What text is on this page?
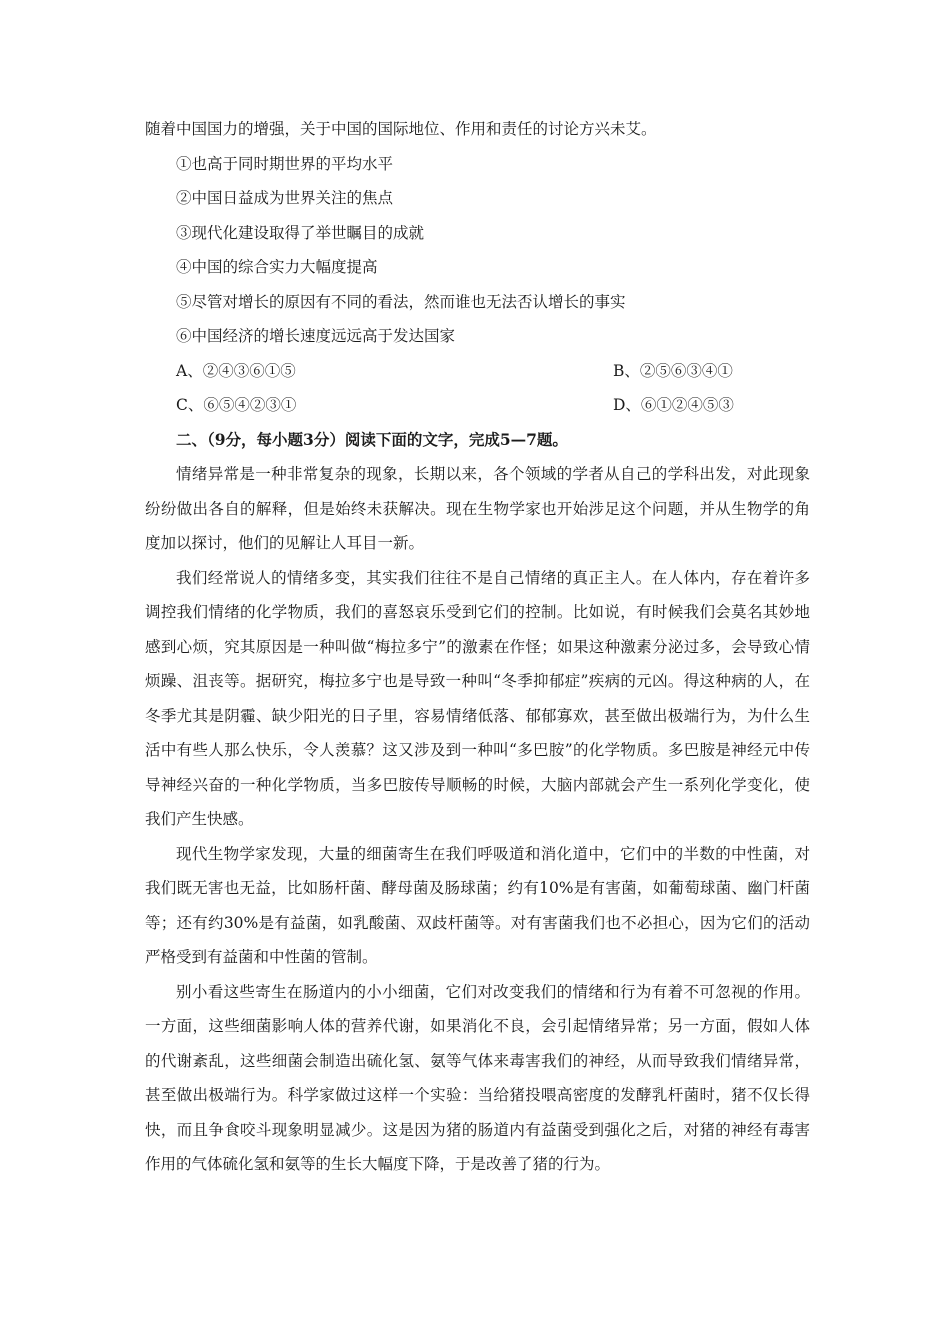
随着中国国力的增强，关于中国的国际地位、作用和责任的讨论方兴未艾。
①也高于同时期世界的平均水平
②中国日益成为世界关注的焦点
③现代化建设取得了举世瞩目的成就
④中国的综合实力大幅度提高
⑤尽管对增长的原因有不同的看法，然而谁也无法否认增长的事实
⑥中国经济的增长速度远远高于发达国家
A、②④③⑥①⑤	B、②⑤⑥③④①
C、⑥⑤④②③①	D、⑥①②④⑤③
二、（9分，每小题3分）阅读下面的文字，完成5—7题。

情绪异常是一种非常复杂的现象，长期以来，各个领域的学者从自己的学科出发，对此现象纷纷做出各自的解释，但是始终未获解决。现在生物学家也开始涉足这个问题，并从生物学的角度加以探讨，他们的见解让人耳目一新。

我们经常说人的情绪多变，其实我们往往不是自己情绪的真正主人。在人体内，存在着许多调控我们情绪的化学物质，我们的喜怒哀乐受到它们的控制。比如说，有时候我们会莫名其妙地感到心烦，究其原因是一种叫做“梅拉多宁”的激素在作怪；如果这种激素分泌过多，会导致心情烦躁、沮丧等。据研究，梅拉多宁也是导致一种叫“冬季抑郁症”疾病的元凶。得这种病的人，在冬季尤其是阴霾、缺少阳光的日子里，容易情绪低落、郁郁寡欢，甚至做出极端行为，为什么生活中有些人那么快乐，令人羡慕？这又涉及到一种叫“多巴胺”的化学物质。多巴胺是神经元中传导神经兴奋的一种化学物质，当多巴胺传导顺畅的时候，大脑内部就会产生一系列化学变化，使我们产生快感。

现代生物学家发现，大量的细菌寄生在我们呼吸道和消化道中，它们中的半数的中性菌，对我们既无害也无益，比如肠杆菌、酵母菌及肠球菌；约有10%是有害菌，如葡萄球菌、幽门杆菌等；还有约30%是有益菌，如乳酸菌、双歧杆菌等。对有害菌我们也不必担心，因为它们的活动严格受到有益菌和中性菌的管制。

别小看这些寄生在肠道内的小小细菌，它们对改变我们的情绪和行为有着不可忽视的作用。一方面，这些细菌影响人体的营养代谢，如果消化不良，会引起情绪异常；另一方面，假如人体的代谢紊乱，这些细菌会制造出硫化氢、氨等气体来毒害我们的神经，从而导致我们情绪异常，甚至做出极端行为。科学家做过这样一个实验：当给猪投喂高密度的发酵乳杆菌时，猪不仅长得快，而且争食咬斗现象明显减少。这是因为猪的肠道内有益菌受到强化之后，对猪的神经有毒害作用的气体硫化氢和氨等的生长大幅度下降，于是改善了猪的行为。
